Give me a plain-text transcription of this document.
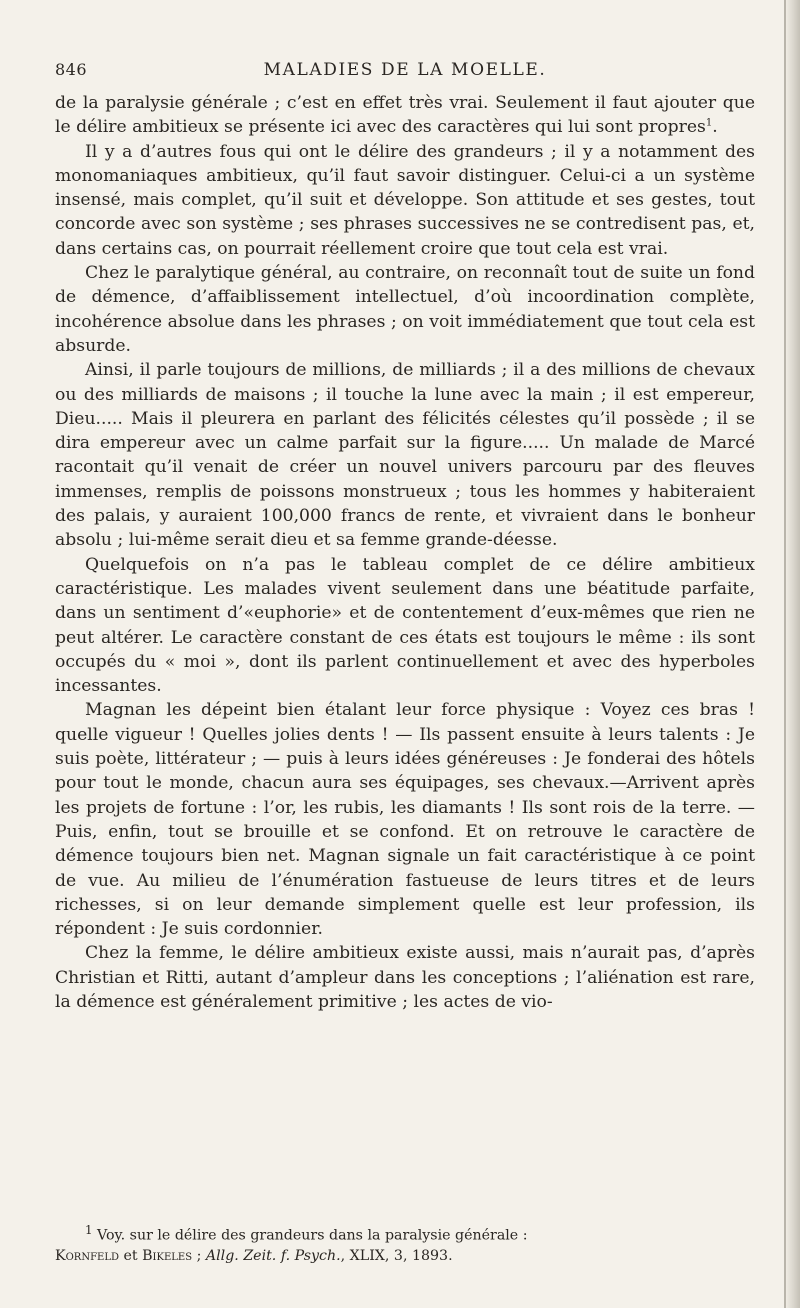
846	MALADIES DE LA MOELLE.

de la paralysie générale ; c’est en effet très vrai. Seulement il faut ajouter que le délire ambitieux se présente ici avec des caractères qui lui sont propres$^1$.

Il y a d’autres fous qui ont le délire des grandeurs ; il y a notamment des monomaniaques ambitieux, qu’il faut savoir distinguer. Celui-ci a un système insensé, mais complet, qu’il suit et développe. Son attitude et ses gestes, tout concorde avec son système ; ses phrases successives ne se contredisent pas, et, dans certains cas, on pourrait réellement croire que tout cela est vrai.

Chez le paralytique général, au contraire, on reconnaît tout de suite un fond de démence, d’affaiblissement intellectuel, d’où incoordination complète, incohérence absolue dans les phrases ; on voit immédiatement que tout cela est absurde.

Ainsi, il parle toujours de millions, de milliards ; il a des millions de chevaux ou des milliards de maisons ; il touche la lune avec la main ; il est empereur, Dieu..... Mais il pleurera en parlant des félicités célestes qu’il possède ; il se dira empereur avec un calme parfait sur la figure..... Un malade de Marcé racontait qu’il venait de créer un nouvel univers parcouru par des fleuves immenses, remplis de poissons monstrueux ; tous les hommes y habiteraient des palais, y auraient 100,000 francs de rente, et vivraient dans le bonheur absolu ; lui-même serait dieu et sa femme grande-déesse.

Quelquefois on n’a pas le tableau complet de ce délire ambitieux caractéristique. Les malades vivent seulement dans une béatitude parfaite, dans un sentiment d’«euphorie» et de contentement d’eux-mêmes que rien ne peut altérer. Le caractère constant de ces états est toujours le même : ils sont occupés du « moi », dont ils parlent continuellement et avec des hyperboles incessantes.

Magnan les dépeint bien étalant leur force physique : Voyez ces bras ! quelle vigueur ! Quelles jolies dents ! — Ils passent ensuite à leurs talents : Je suis poète, littérateur ; — puis à leurs idées généreuses : Je fonderai des hôtels pour tout le monde, chacun aura ses équipages, ses chevaux.—Arrivent après les projets de fortune : l’or, les rubis, les diamants ! Ils sont rois de la terre. — Puis, enfin, tout se brouille et se confond. Et on retrouve le caractère de démence toujours bien net. Magnan signale un fait caractéristique à ce point de vue. Au milieu de l’énumération fastueuse de leurs titres et de leurs richesses, si on leur demande simplement quelle est leur profession, ils répondent : Je suis cordonnier.

Chez la femme, le délire ambitieux existe aussi, mais n’aurait pas, d’après Christian et Ritti, autant d’ampleur dans les conceptions ; l’aliénation est rare, la démence est généralement primitive ; les actes de vio-

$^1$ Voy. sur le délire des grandeurs dans la paralysie générale :
Kornfeld et Bikeles ; Allg. Zeit. f. Psych., XLIX, 3, 1893.
